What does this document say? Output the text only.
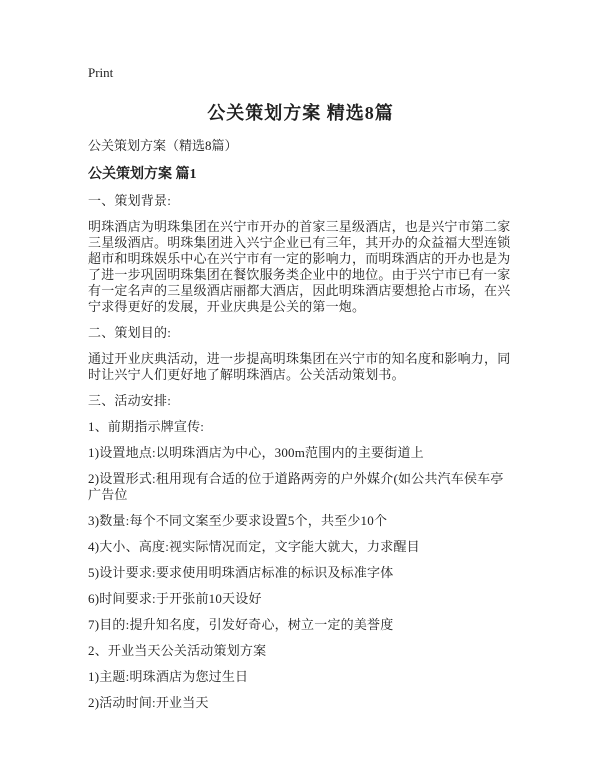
Print
公关策划方案 精选8篇

公关策划方案（精选8篇）

公关策划方案 篇1

一、策划背景:

明珠酒店为明珠集团在兴宁市开办的首家三星级酒店，也是兴宁市第二家三星级酒店。明珠集团进入兴宁企业已有三年，其开办的众益福大型连锁超市和明珠娱乐中心在兴宁市有一定的影响力，而明珠酒店的开办也是为了进一步巩固明珠集团在餐饮服务类企业中的地位。由于兴宁市已有一家有一定名声的三星级酒店丽都大酒店，因此明珠酒店要想抢占市场，在兴宁求得更好的发展，开业庆典是公关的第一炮。

二、策划目的:

通过开业庆典活动，进一步提高明珠集团在兴宁市的知名度和影响力，同时让兴宁人们更好地了解明珠酒店。公关活动策划书。

三、活动安排:

1、前期指示牌宣传:

1)设置地点:以明珠酒店为中心，300m范围内的主要街道上

2)设置形式:租用现有合适的位于道路两旁的户外媒介(如公共汽车侯车亭广告位

3)数量:每个不同文案至少要求设置5个，共至少10个

4)大小、高度:视实际情况而定，文字能大就大，力求醒目

5)设计要求:要求使用明珠酒店标准的标识及标准字体

6)时间要求:于开张前10天设好

7)目的:提升知名度，引发好奇心，树立一定的美誉度

2、开业当天公关活动策划方案

1)主题:明珠酒店为您过生日

2)活动时间:开业当天
